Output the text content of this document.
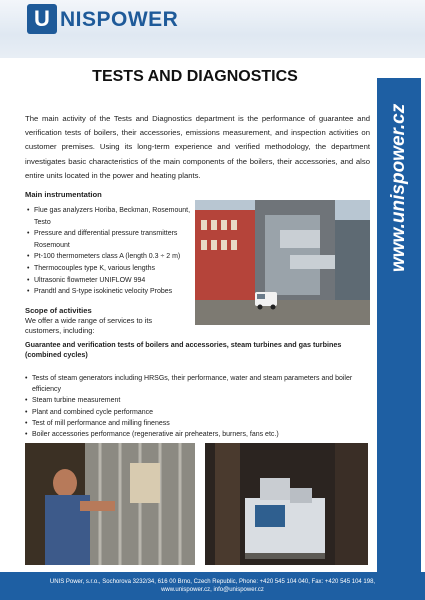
U NISPOWER
www.unispower.cz
TESTS AND DIAGNOSTICS
The main activity of the Tests and Diagnostics department is the performance of guarantee and verification tests of boilers, their accessories, emissions measurement, and inspection activities on customer premises. Using its long-term experience and verified methodology, the department investigates basic characteristics of the main components of the boilers, their accessories, and also entire units located in the power and heating plants.
Main instrumentation
• Flue gas analyzers Horiba, Beckman, Rosemount, Testo
• Pressure and differential pressure transmitters Rosemount
• Pt-100 thermometers class A (length 0.3 ÷ 2 m)
• Thermocouples type K, various lengths
• Ultrasonic flowmeter UNIFLOW 994
• Prandtl and S-type isokinetic velocity Probes
Scope of activities
We offer a wide range of services to its customers, including:
Guarantee and verification tests of boilers and accessories, steam turbines and gas turbines (combined cycles)
• Tests of steam generators including HRSGs, their performance, water and steam parameters and boiler efficiency
• Steam turbine measurement
• Plant and combined cycle performance
• Test of mill performance and milling fineness
• Boiler accessories performance (regenerative air preheaters, burners, fans etc.)
UNIS Power, s.r.o., Sochorova 3232/34, 616 00 Brno, Czech Republic, Phone: +420 545 104 040, Fax: +420 545 104 198,
www.unispower.cz, info@unispower.cz
